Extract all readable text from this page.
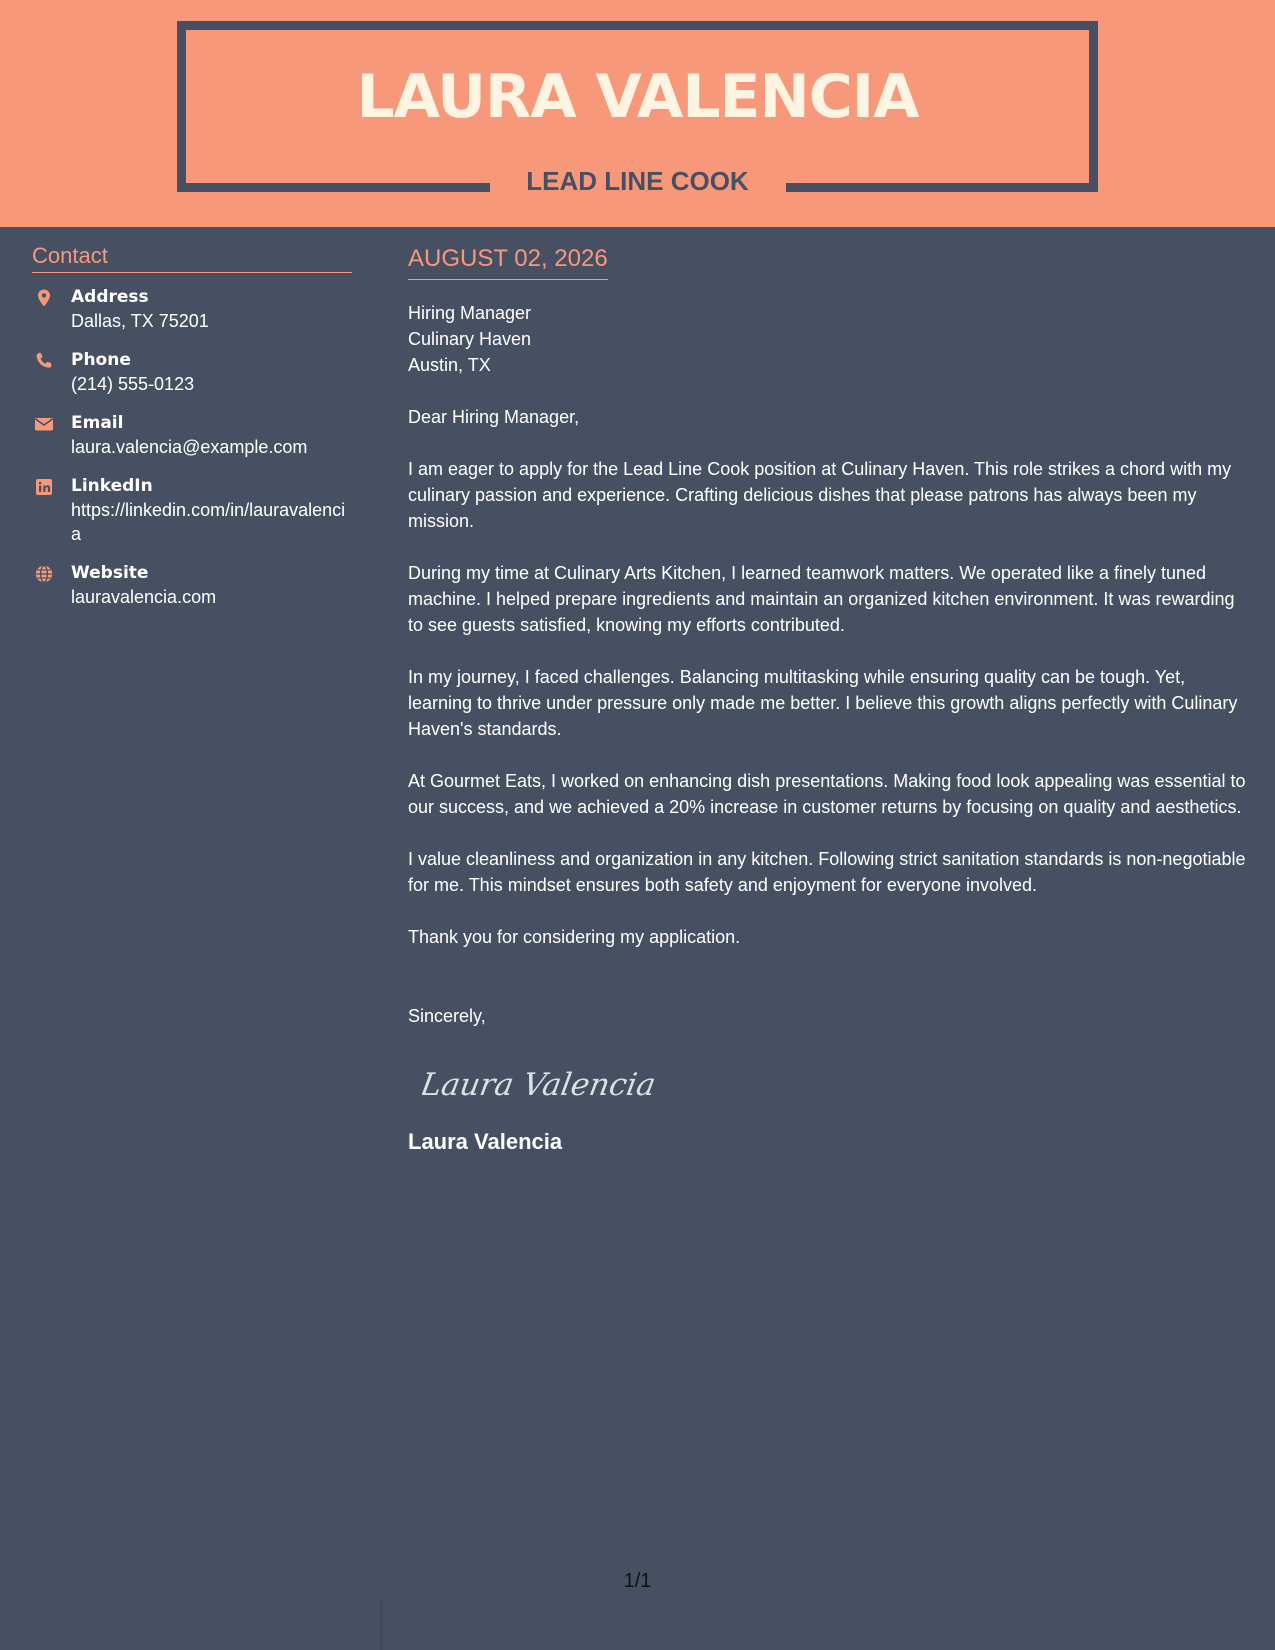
LAURA VALENCIA
LEAD LINE COOK
Contact
Address
Dallas, TX 75201
Phone
(214) 555-0123
Email
laura.valencia@example.com
LinkedIn
https://linkedin.com/in/lauravalencia
Website
lauravalencia.com
AUGUST 02, 2026
Hiring Manager
Culinary Haven
Austin, TX

Dear Hiring Manager,

I am eager to apply for the Lead Line Cook position at Culinary Haven. This role strikes a chord with my culinary passion and experience. Crafting delicious dishes that please patrons has always been my mission.

During my time at Culinary Arts Kitchen, I learned teamwork matters. We operated like a finely tuned machine. I helped prepare ingredients and maintain an organized kitchen environment. It was rewarding to see guests satisfied, knowing my efforts contributed.

In my journey, I faced challenges. Balancing multitasking while ensuring quality can be tough. Yet, learning to thrive under pressure only made me better. I believe this growth aligns perfectly with Culinary Haven's standards.

At Gourmet Eats, I worked on enhancing dish presentations. Making food look appealing was essential to our success, and we achieved a 20% increase in customer returns by focusing on quality and aesthetics.

I value cleanliness and organization in any kitchen. Following strict sanitation standards is non-negotiable for me. This mindset ensures both safety and enjoyment for everyone involved.

Thank you for considering my application.

Sincerely,
Laura Valencia
Laura Valencia
1/1
